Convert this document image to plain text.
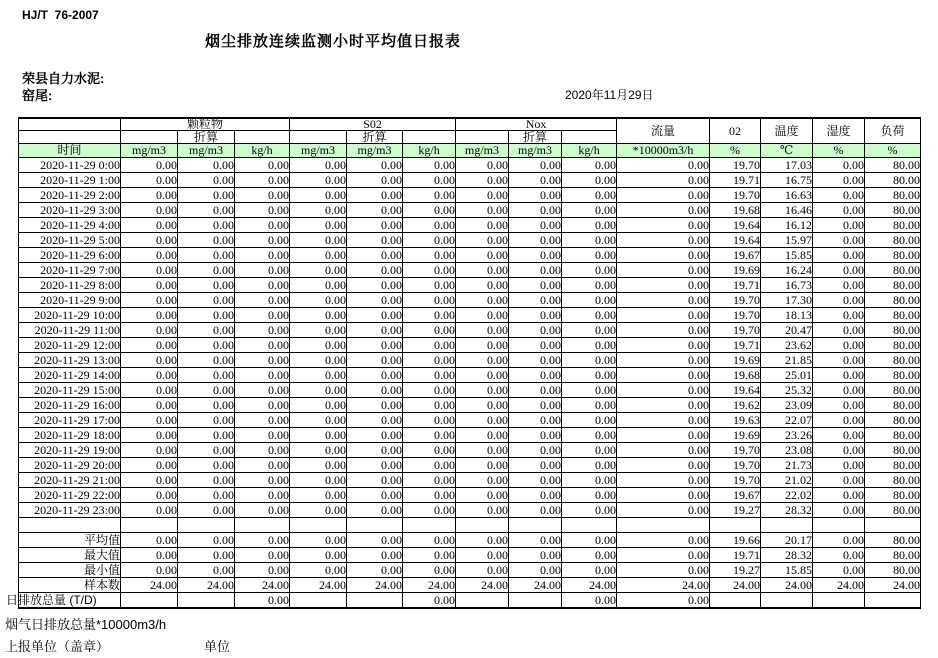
HJ/T  76-2007
烟尘排放连续监测小时平均值日报表
荣县自力水泥:
窑尾:	2020年11月29日
	颗粒物			S02			Nox			流量	02	温度	湿度	负荷
		折算			折算			折算						
时间	mg/m3	mg/m3	kg/h	mg/m3	mg/m3	kg/h	mg/m3	mg/m3	kg/h	*10000m3/h	%	℃	%	%
2020-11-29 0:00	0.00	0.00	0.00	0.00	0.00	0.00	0.00	0.00	0.00	0.00	19.70	17.03	0.00	80.00
2020-11-29 1:00	0.00	0.00	0.00	0.00	0.00	0.00	0.00	0.00	0.00	0.00	19.71	16.75	0.00	80.00
2020-11-29 2:00	0.00	0.00	0.00	0.00	0.00	0.00	0.00	0.00	0.00	0.00	19.70	16.63	0.00	80.00
2020-11-29 3:00	0.00	0.00	0.00	0.00	0.00	0.00	0.00	0.00	0.00	0.00	19.68	16.46	0.00	80.00
2020-11-29 4:00	0.00	0.00	0.00	0.00	0.00	0.00	0.00	0.00	0.00	0.00	19.64	16.12	0.00	80.00
2020-11-29 5:00	0.00	0.00	0.00	0.00	0.00	0.00	0.00	0.00	0.00	0.00	19.64	15.97	0.00	80.00
2020-11-29 6:00	0.00	0.00	0.00	0.00	0.00	0.00	0.00	0.00	0.00	0.00	19.67	15.85	0.00	80.00
2020-11-29 7:00	0.00	0.00	0.00	0.00	0.00	0.00	0.00	0.00	0.00	0.00	19.69	16.24	0.00	80.00
2020-11-29 8:00	0.00	0.00	0.00	0.00	0.00	0.00	0.00	0.00	0.00	0.00	19.71	16.73	0.00	80.00
2020-11-29 9:00	0.00	0.00	0.00	0.00	0.00	0.00	0.00	0.00	0.00	0.00	19.70	17.30	0.00	80.00
2020-11-29 10:00	0.00	0.00	0.00	0.00	0.00	0.00	0.00	0.00	0.00	0.00	19.70	18.13	0.00	80.00
2020-11-29 11:00	0.00	0.00	0.00	0.00	0.00	0.00	0.00	0.00	0.00	0.00	19.70	20.47	0.00	80.00
2020-11-29 12:00	0.00	0.00	0.00	0.00	0.00	0.00	0.00	0.00	0.00	0.00	19.71	23.62	0.00	80.00
2020-11-29 13:00	0.00	0.00	0.00	0.00	0.00	0.00	0.00	0.00	0.00	0.00	19.69	21.85	0.00	80.00
2020-11-29 14:00	0.00	0.00	0.00	0.00	0.00	0.00	0.00	0.00	0.00	0.00	19.68	25.01	0.00	80.00
2020-11-29 15:00	0.00	0.00	0.00	0.00	0.00	0.00	0.00	0.00	0.00	0.00	19.64	25.32	0.00	80.00
2020-11-29 16:00	0.00	0.00	0.00	0.00	0.00	0.00	0.00	0.00	0.00	0.00	19.62	23.09	0.00	80.00
2020-11-29 17:00	0.00	0.00	0.00	0.00	0.00	0.00	0.00	0.00	0.00	0.00	19.63	22.07	0.00	80.00
2020-11-29 18:00	0.00	0.00	0.00	0.00	0.00	0.00	0.00	0.00	0.00	0.00	19.69	23.26	0.00	80.00
2020-11-29 19:00	0.00	0.00	0.00	0.00	0.00	0.00	0.00	0.00	0.00	0.00	19.70	23.08	0.00	80.00
2020-11-29 20:00	0.00	0.00	0.00	0.00	0.00	0.00	0.00	0.00	0.00	0.00	19.70	21.73	0.00	80.00
2020-11-29 21:00	0.00	0.00	0.00	0.00	0.00	0.00	0.00	0.00	0.00	0.00	19.70	21.02	0.00	80.00
2020-11-29 22:00	0.00	0.00	0.00	0.00	0.00	0.00	0.00	0.00	0.00	0.00	19.67	22.02	0.00	80.00
2020-11-29 23:00	0.00	0.00	0.00	0.00	0.00	0.00	0.00	0.00	0.00	0.00	19.27	28.32	0.00	80.00

平均值	0.00	0.00	0.00	0.00	0.00	0.00	0.00	0.00	0.00	0.00	19.66	20.17	0.00	80.00
最大值	0.00	0.00	0.00	0.00	0.00	0.00	0.00	0.00	0.00	0.00	19.71	28.32	0.00	80.00
最小值	0.00	0.00	0.00	0.00	0.00	0.00	0.00	0.00	0.00	0.00	19.27	15.85	0.00	80.00
样本数	24.00	24.00	24.00	24.00	24.00	24.00	24.00	24.00	24.00	24.00	24.00	24.00	24.00	24.00
日排放总量 (T/D)			0.00			0.00			0.00	0.00				
烟气日排放总量*10000m3/h
上报单位（盖章）	单位
